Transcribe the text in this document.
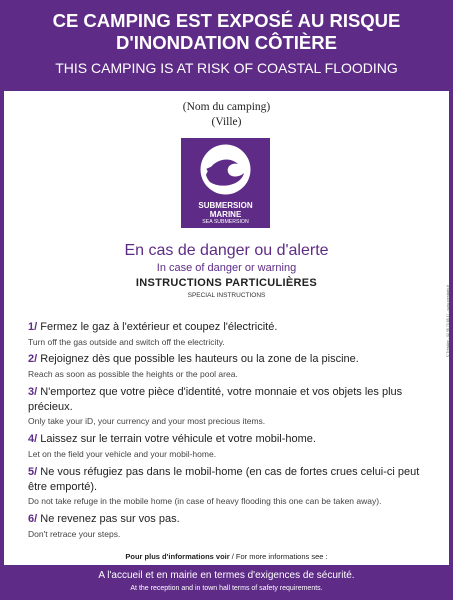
CE CAMPING EST EXPOSÉ AU RISQUE
D'INONDATION CÔTIÈRE
THIS CAMPING IS AT RISK OF COASTAL FLOODING
(Nom du camping)
(Ville)
SUBMERSION
MARINE
SEA SUBMERSION
En cas de danger ou d'alerte
In case of danger or warning
INSTRUCTIONS PARTICULIÈRES
SPECIAL INSTRUCTIONS
1/ Fermez le gaz à l'extérieur et coupez l'électricité.
Turn off the gas outside and switch off the electricity.
2/ Rejoignez dès que possible les hauteurs ou la zone de la piscine.
Reach as soon as possible the heights or the pool area.
3/ N'emportez que votre pièce d'identité, votre monnaie et vos objets les plus précieux.
Only take your iD, your currency and your most precious items.
4/ Laissez sur le terrain votre véhicule et votre mobil-home.
Let on the field your vehicle and your mobil-home.
5/ Ne vous réfugiez pas dans le mobil-home (en cas de fortes crues celui-ci peut être emporté).
Do not take refuge in the mobile home (in case of heavy flooding this one can be taken away).
6/ Ne revenez pas sur vos pas.
Don't retrace your steps.
Pour plus d'informations voir / For more informations see :
A l'accueil et en mairie en termes d'exigences de sécurité.
At the reception and in town hall terms of safety requirements.
© Trésdale - 02 96 70 88 47 - www.prestigeb.fr
